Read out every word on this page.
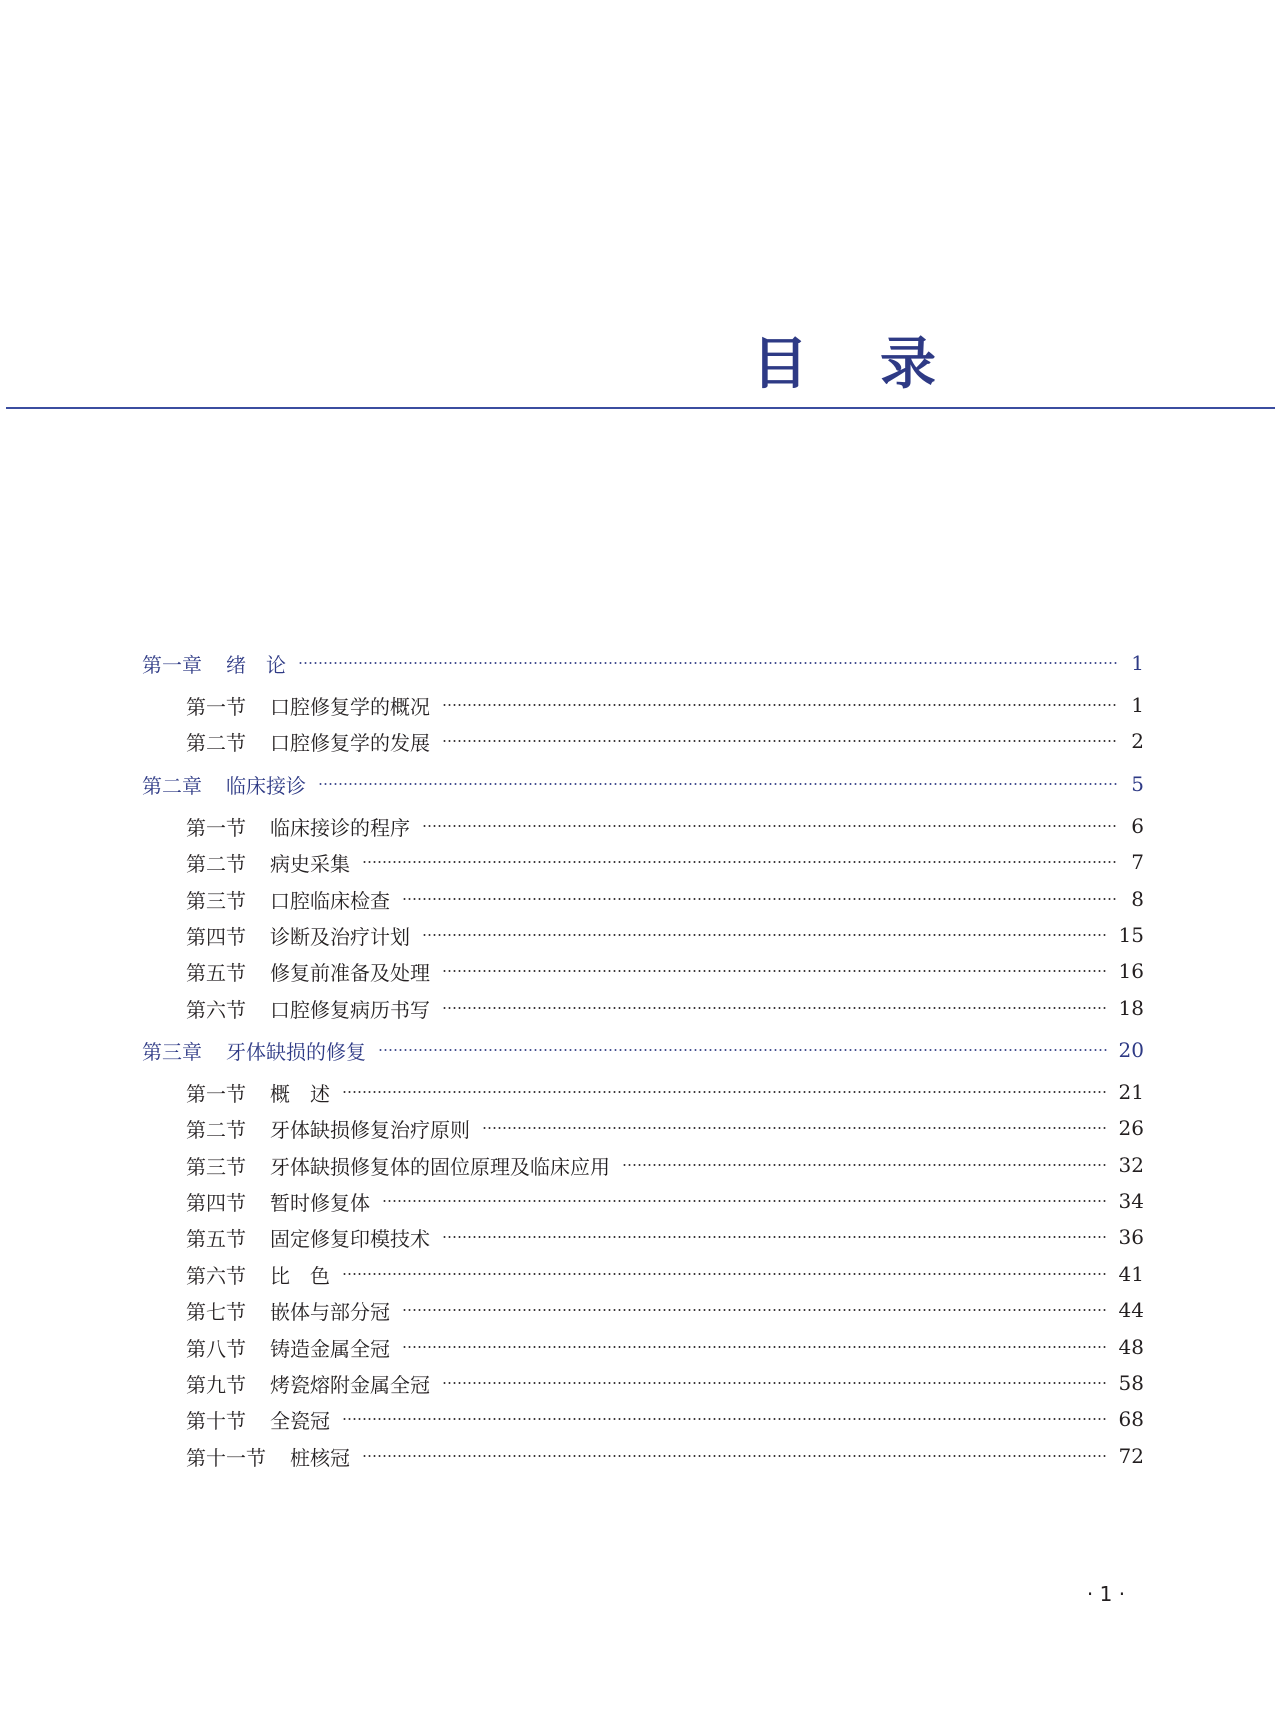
目 录
第一章 绪　论	1
第一节 口腔修复学的概况	1
第二节 口腔修复学的发展	2
第二章 临床接诊	5
第一节 临床接诊的程序	6
第二节 病史采集	7
第三节 口腔临床检查	8
第四节 诊断及治疗计划	15
第五节 修复前准备及处理	16
第六节 口腔修复病历书写	18
第三章 牙体缺损的修复	20
第一节 概　述	21
第二节 牙体缺损修复治疗原则	26
第三节 牙体缺损修复体的固位原理及临床应用	32
第四节 暂时修复体	34
第五节 固定修复印模技术	36
第六节 比　色	41
第七节 嵌体与部分冠	44
第八节 铸造金属全冠	48
第九节 烤瓷熔附金属全冠	58
第十节 全瓷冠	68
第十一节 桩核冠	72
· 1 ·
